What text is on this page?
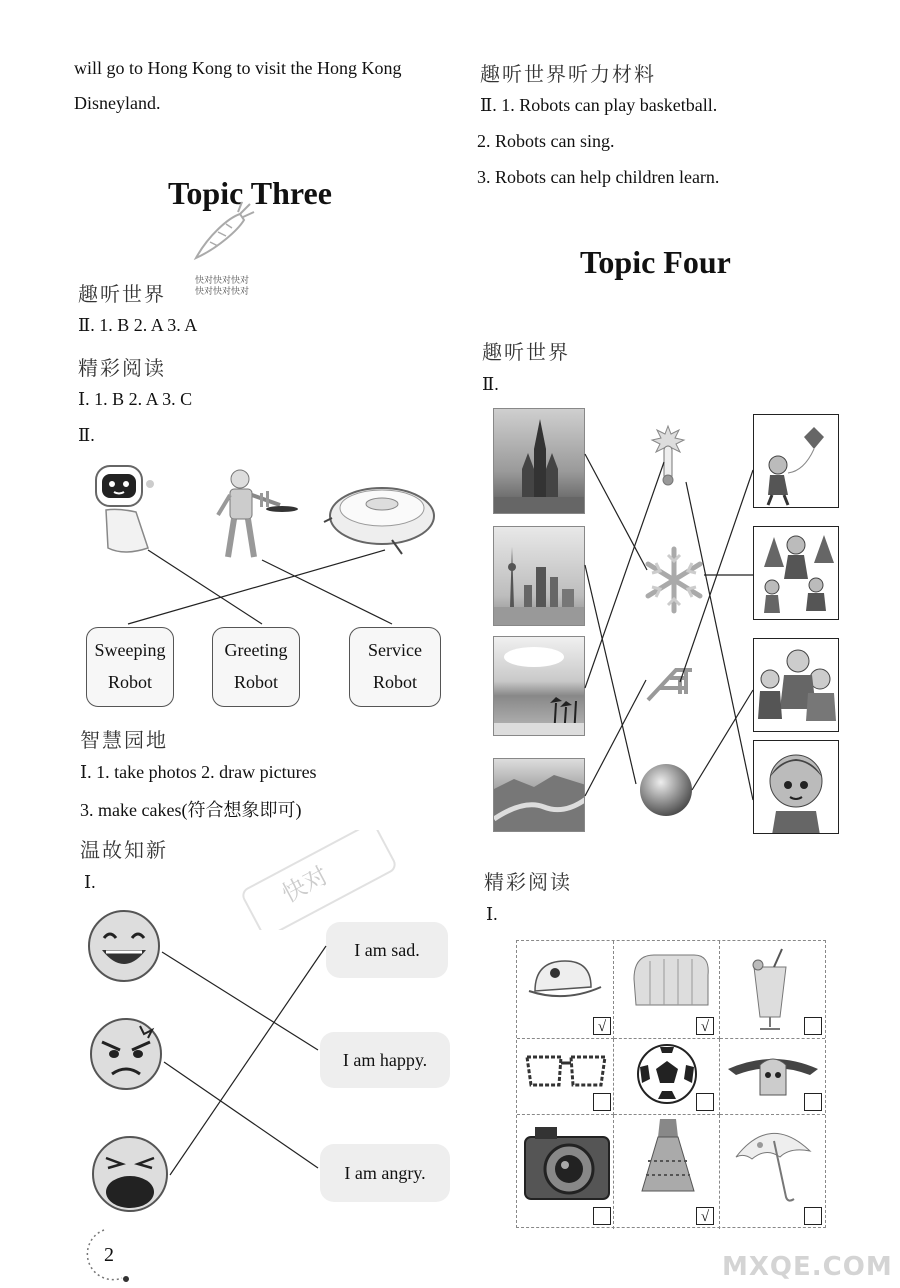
will go to Hong Kong to visit the Hong Kong
Disneyland.
Topic Three
快对快对快对
快对快对快对
趣听世界
Ⅱ. 1. B 2. A 3. A
精彩阅读
Ⅰ. 1. B 2. A 3. C
Ⅱ.
Sweeping
Robot
Greeting
Robot
Service
Robot
智慧园地
Ⅰ. 1. take photos 2. draw pictures
3. make cakes(符合想象即可)
温故知新
Ⅰ.
I am sad.
I am happy.
I am angry.
2
趣听世界听力材料
Ⅱ. 1. Robots can play basketball.
2. Robots can sing.
3. Robots can help children learn.
Topic Four
趣听世界
Ⅱ.
精彩阅读
Ⅰ.
√	√
√
快对
MXQE.COM
